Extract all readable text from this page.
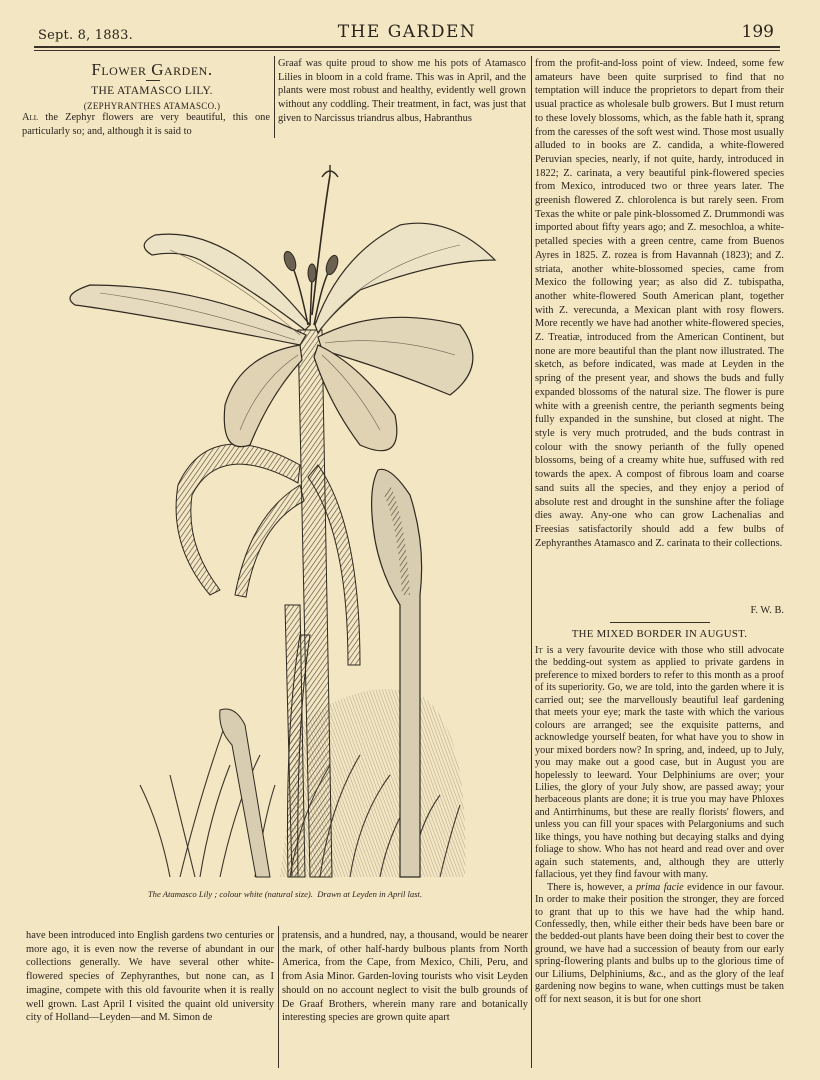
Sept. 8, 1883.	THE GARDEN	199
Flower Garden.
THE ATAMASCO LILY.
(ZEPHYRANTHES ATAMASCO.)

All the Zephyr flowers are very beautiful, this one particularly so; and, although it is said to

Graaf was quite proud to show me his pots of Atamasco Lilies in bloom in a cold frame. This was in April, and the plants were most robust and healthy, evidently well grown without any coddling. Their treatment, in fact, was just that given to Narcissus triandrus albus, Habranthus

The Atamasco Lily ; colour white (natural size). Drawn at Leyden in April last.

from the profit-and-loss point of view. Indeed, some few amateurs have been quite surprised to find that no temptation will induce the proprietors to depart from their usual practice as wholesale bulb growers. But I must return to these lovely blossoms, which, as the fable hath it, sprang from the caresses of the soft west wind. Those most usually alluded to in books are Z. candida, a white-flowered Peruvian species, nearly, if not quite, hardy, introduced in 1822; Z. carinata, a very beautiful pink-flowered species from Mexico, introduced two or three years later. The greenish flowered Z. chlorolenca is but rarely seen. From Texas the white or pale pink-blossomed Z. Drummondi was imported about fifty years ago; and Z. mesochloa, a white-petalled species with a green centre, came from Buenos Ayres in 1825. Z. rozea is from Havannah (1823); and Z. striata, another white-blossomed species, came from Mexico the following year; as also did Z. tubispatha, another white-flowered South American plant, together with Z. verecunda, a Mexican plant with rosy flowers. More recently we have had another white-flowered species, Z. Treatiæ, introduced from the American Continent, but none are more beautiful than the plant now illustrated. The sketch, as before indicated, was made at Leyden in the spring of the present year, and shows the buds and fully expanded blossoms of the natural size. The flower is pure white with a greenish centre, the perianth segments being fully expanded in the sunshine, but closed at night. The style is very much protruded, and the buds contrast in colour with the snowy perianth of the fully opened blossoms, being of a creamy white hue, suffused with red towards the apex. A compost of fibrous loam and coarse sand suits all the species, and they enjoy a period of absolute rest and drought in the sunshine after the foliage dies away. Any-one who can grow Lachenalias and Freesias satisfactorily should add a few bulbs of Zephyranthes Atamasco and Z. carinata to their collections.

F. W. B.
THE MIXED BORDER IN AUGUST.

It is a very favourite device with those who still advocate the bedding-out system as applied to private gardens in preference to mixed borders to refer to this month as a proof of its superiority. Go, we are told, into the garden where it is carried out; see the marvellously beautiful leaf gardening that meets your eye; mark the taste with which the various colours are arranged; see the exquisite patterns, and acknowledge yourself beaten, for what have you to show in your mixed borders now? In spring, and, indeed, up to July, you may make out a good case, but in August you are hopelessly to leeward. Your Delphiniums are over; your Lilies, the glory of your July show, are passed away; your herbaceous plants are done; it is true you may have Phloxes and Antirrhinums, but these are really florists' flowers, and unless you can fill your spaces with Pelargoniums and such like things, you have nothing but decaying stalks and dying foliage to show. Who has not heard and read over and over again such statements, and, although they are utterly fallacious, yet they find favour with many.

There is, however, a prima facie evidence in our favour. In order to make their position the stronger, they are forced to grant that up to this we have had the whip hand. Confessedly, then, while either their beds have been bare or the bedded-out plants have been doing their best to cover the ground, we have had a succession of beauty from our early spring-flowering plants and bulbs up to the glorious time of our Liliums, Delphiniums, &c., and as the glory of the leaf gardening now begins to wane, when cuttings must be taken off for next season, it is but for one short

have been introduced into English gardens two centuries or more ago, it is even now the reverse of abundant in our collections generally. We have several other white-flowered species of Zephyranthes, but none can, as I imagine, compete with this old favourite when it is really well grown. Last April I visited the quaint old university city of Holland—Leyden—and M. Simon de

pratensis, and a hundred, nay, a thousand, would be nearer the mark, of other half-hardy bulbous plants from North America, from the Cape, from Mexico, Chili, Peru, and from Asia Minor. Garden-loving tourists who visit Leyden should on no account neglect to visit the bulb grounds of De Graaf Brothers, wherein many rare and botanically interesting species are grown quite apart
